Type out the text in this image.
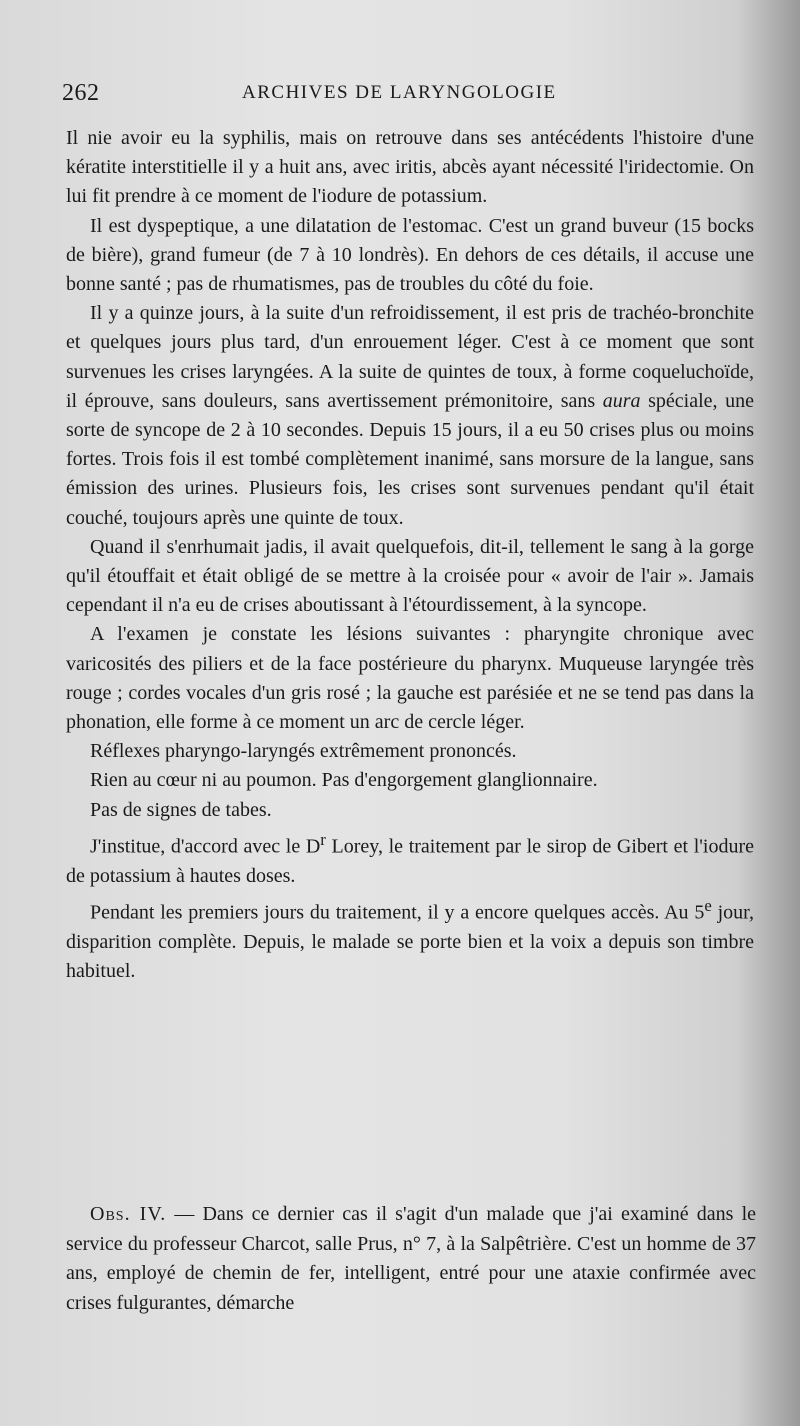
262	ARCHIVES DE LARYNGOLOGIE

Il nie avoir eu la syphilis, mais on retrouve dans ses antécédents l'histoire d'une kératite interstitielle il y a huit ans, avec iritis, abcès ayant nécessité l'iridectomie. On lui fit prendre à ce moment de l'iodure de potassium.

Il est dyspeptique, a une dilatation de l'estomac. C'est un grand buveur (15 bocks de bière), grand fumeur (de 7 à 10 londrès). En dehors de ces détails, il accuse une bonne santé ; pas de rhumatismes, pas de troubles du côté du foie.

Il y a quinze jours, à la suite d'un refroidissement, il est pris de trachéo-bronchite et quelques jours plus tard, d'un enrouement léger. C'est à ce moment que sont survenues les crises laryngées. A la suite de quintes de toux, à forme coqueluchoïde, il éprouve, sans douleurs, sans avertissement prémonitoire, sans aura spéciale, une sorte de syncope de 2 à 10 secondes. Depuis 15 jours, il a eu 50 crises plus ou moins fortes. Trois fois il est tombé complètement inanimé, sans morsure de la langue, sans émission des urines. Plusieurs fois, les crises sont survenues pendant qu'il était couché, toujours après une quinte de toux.

Quand il s'enrhumait jadis, il avait quelquefois, dit-il, tellement le sang à la gorge qu'il étouffait et était obligé de se mettre à la croisée pour « avoir de l'air ». Jamais cependant il n'a eu de crises aboutissant à l'étourdissement, à la syncope.

A l'examen je constate les lésions suivantes : pharyngite chronique avec varicosités des piliers et de la face postérieure du pharynx. Muqueuse laryngée très rouge ; cordes vocales d'un gris rosé ; la gauche est parésiée et ne se tend pas dans la phonation, elle forme à ce moment un arc de cercle léger.

Réflexes pharyngo-laryngés extrêmement prononcés.

Rien au cœur ni au poumon. Pas d'engorgement glanglionnaire.

Pas de signes de tabes.

J'institue, d'accord avec le $D^r$ Lorey, le traitement par le sirop de Gibert et l'iodure de potassium à hautes doses.

Pendant les premiers jours du traitement, il y a encore quelques accès. Au 5e jour, disparition complète. Depuis, le malade se porte bien et la voix a depuis son timbre habituel.

Obs. IV. — Dans ce dernier cas il s'agit d'un malade que j'ai examiné dans le service du professeur Charcot, salle Prus, n° 7, à la Salpêtrière. C'est un homme de 37 ans, employé de chemin de fer, intelligent, entré pour une ataxie confirmée avec crises fulgurantes, démarche
